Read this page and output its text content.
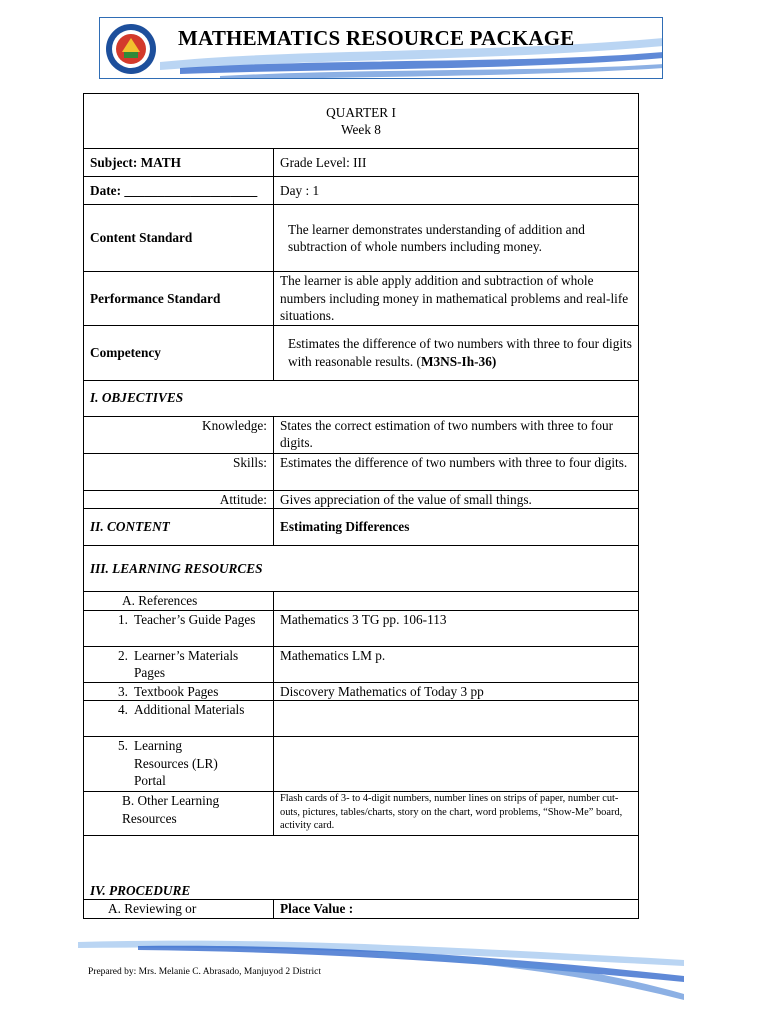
MATHEMATICS RESOURCE PACKAGE
QUARTER I
Week 8	

Subject: MATH	Grade Level: III
Date: ____________________	Day : 1
Content Standard	The learner demonstrates understanding of addition and subtraction of whole numbers including money.
Performance Standard	The learner is able apply addition and subtraction of whole numbers including money in mathematical problems and real-life situations.
Competency	Estimates the difference of two numbers with three to four digits with reasonable results. (M3NS-Ih-36)
I. OBJECTIVES	
Knowledge:	States the correct estimation of two numbers with three to four digits.
Skills:	Estimates the difference of two numbers with three to four digits.
Attitude:	Gives appreciation of the value of small things.
II. CONTENT	Estimating Differences
III. LEARNING RESOURCES	
A. References	

1. Teacher’s Guide Pages	Mathematics 3 TG pp. 106-113

2. Learner’s Materials Pages	Mathematics LM p.

3. Textbook Pages	Discovery Mathematics of Today 3 pp

4. Additional Materials	

5. Learning Resources (LR) Portal	

B. Other Learning Resources	Flash cards of 3- to 4-digit numbers, number lines on strips of paper, number cut- outs, pictures, tables/charts, story on the chart, word problems, “Show-Me” board, activity card.
IV. PROCEDURE	
A. Reviewing or	Place Value :
Prepared by: Mrs. Melanie C. Abrasado, Manjuyod 2 District
